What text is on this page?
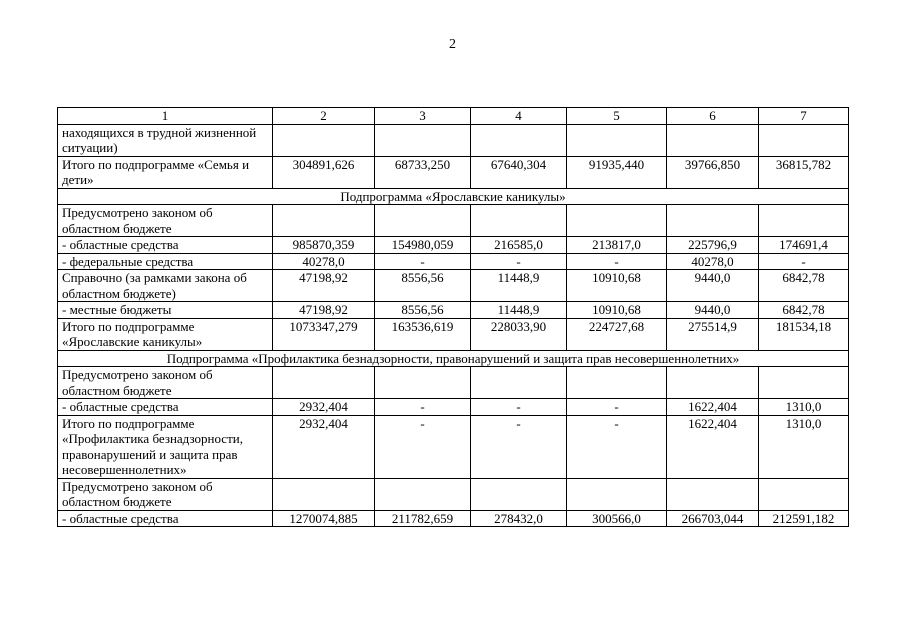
2
1	2	3	4	5	6	7
находящихся в трудной жизненной ситуации)						
Итого по подпрограмме «Семья и дети»	304891,626	68733,250	67640,304	91935,440	39766,850	36815,782
Подпрограмма «Ярославские каникулы»						
Предусмотрено законом об областном бюджете						
- областные средства	985870,359	154980,059	216585,0	213817,0	225796,9	174691,4
- федеральные средства	40278,0	-	-	-	40278,0	-
Справочно (за рамками закона об областном бюджете)	47198,92	8556,56	11448,9	10910,68	9440,0	6842,78
- местные бюджеты	47198,92	8556,56	11448,9	10910,68	9440,0	6842,78
Итого по подпрограмме «Ярославские каникулы»	1073347,279	163536,619	228033,90	224727,68	275514,9	181534,18
Подпрограмма «Профилактика безнадзорности, правонарушений и защита прав несовершеннолетних»						
Предусмотрено законом об областном бюджете						
- областные средства	2932,404	-	-	-	1622,404	1310,0
Итого по подпрограмме «Профилактика безнадзорности, правонарушений и защита прав несовершеннолетних»	2932,404	-	-	-	1622,404	1310,0
Предусмотрено законом об областном бюджете						
- областные средства	1270074,885	211782,659	278432,0	300566,0	266703,044	212591,182
